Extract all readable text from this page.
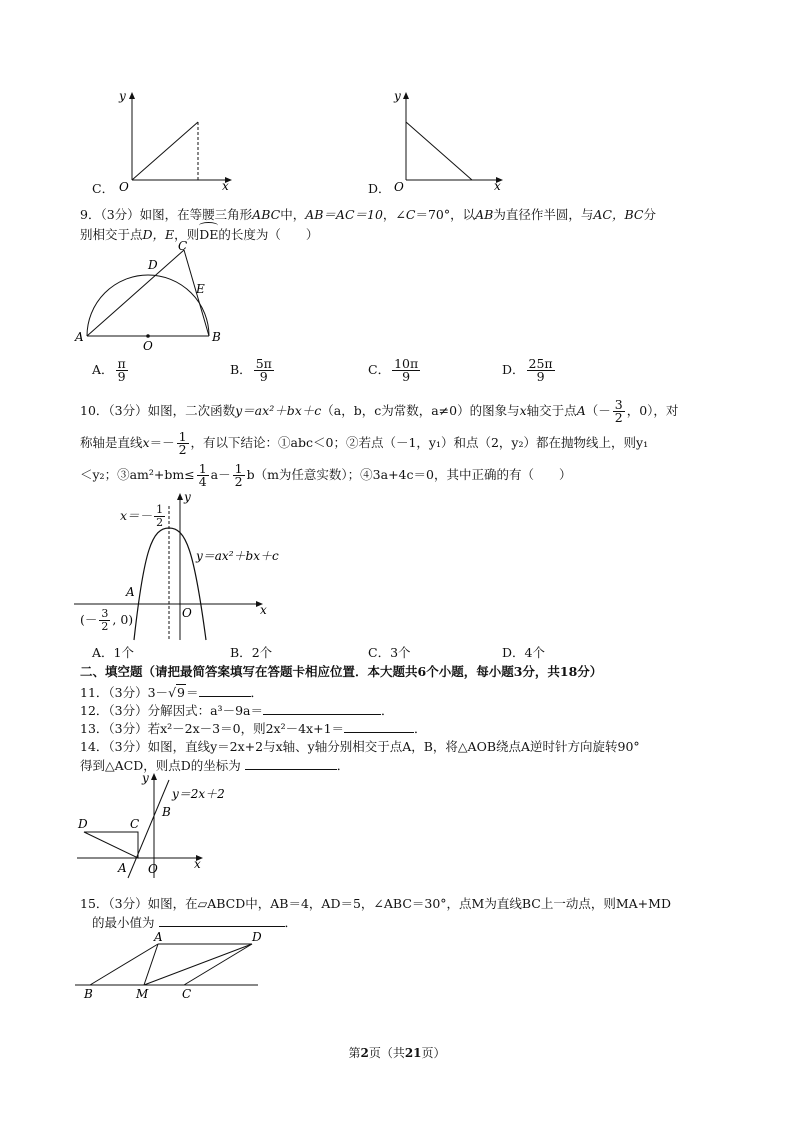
C．
y
x
O	D．
y
x
O
9．（3分）如图，在等腰三角形ABC中，AB＝AC＝10，∠C＝70°，以AB为直径作半圆，与AC，BC分
别相交于点D，E，则DE的长度为（　　）
A	B
C
D
E
O
A． $\frac{\pi}{9}$	B． $\frac{5\pi}{9}$	C． $\frac{10\pi}{9}$	D． $\frac{25\pi}{9}$
10．（3分）如图，二次函数y＝ax²＋bx＋c（a，b，c为常数，a≠0）的图象与x轴交于点$A(- \frac{3}{2}$ ，0），对
称轴是直线$x=- \frac{1}{2}$ ，有以下结论：①abc＜0；②若点（－1，y₁）和点（2，y₂）都在抛物线上，则y₁
＜y₂；③am²+bm≤ $\frac{1}{4} a- \frac{1}{2} b(m$为任意实数）；④3a+4c＝0，其中正确的有（　　）
y
x
O
A
y＝ax²＋bx＋c
$x=- \frac{1}{2}$
(－ $\frac{3}{2}$ , 0)
A．1个	B．2个	C．3个	D．4个
二、填空题（请把最简答案填写在答题卡相应位置．本大题共6个小题，每小题3分，共18分）
11．（3分）3－√9＝	．
12．（3分）分解因式：a³－9a＝	．
13．（3分）若x²－2x－3＝0，则2x²－4x+1＝	．
14．（3分）如图，直线y＝2x+2与x轴、y轴分别相交于点A，B，将△AOB绕点A逆时针方向旋转90°
得到△ACD，则点D的坐标为	．
y
x
y＝2x＋2
B
C
D
A O
15．（3分）如图，在▱ABCD中，AB＝4，AD＝5，∠ABC＝30°，点M为直线BC上一动点，则MA+MD
的最小值为	．
A	D
B	M	C
第2页（共21页）
